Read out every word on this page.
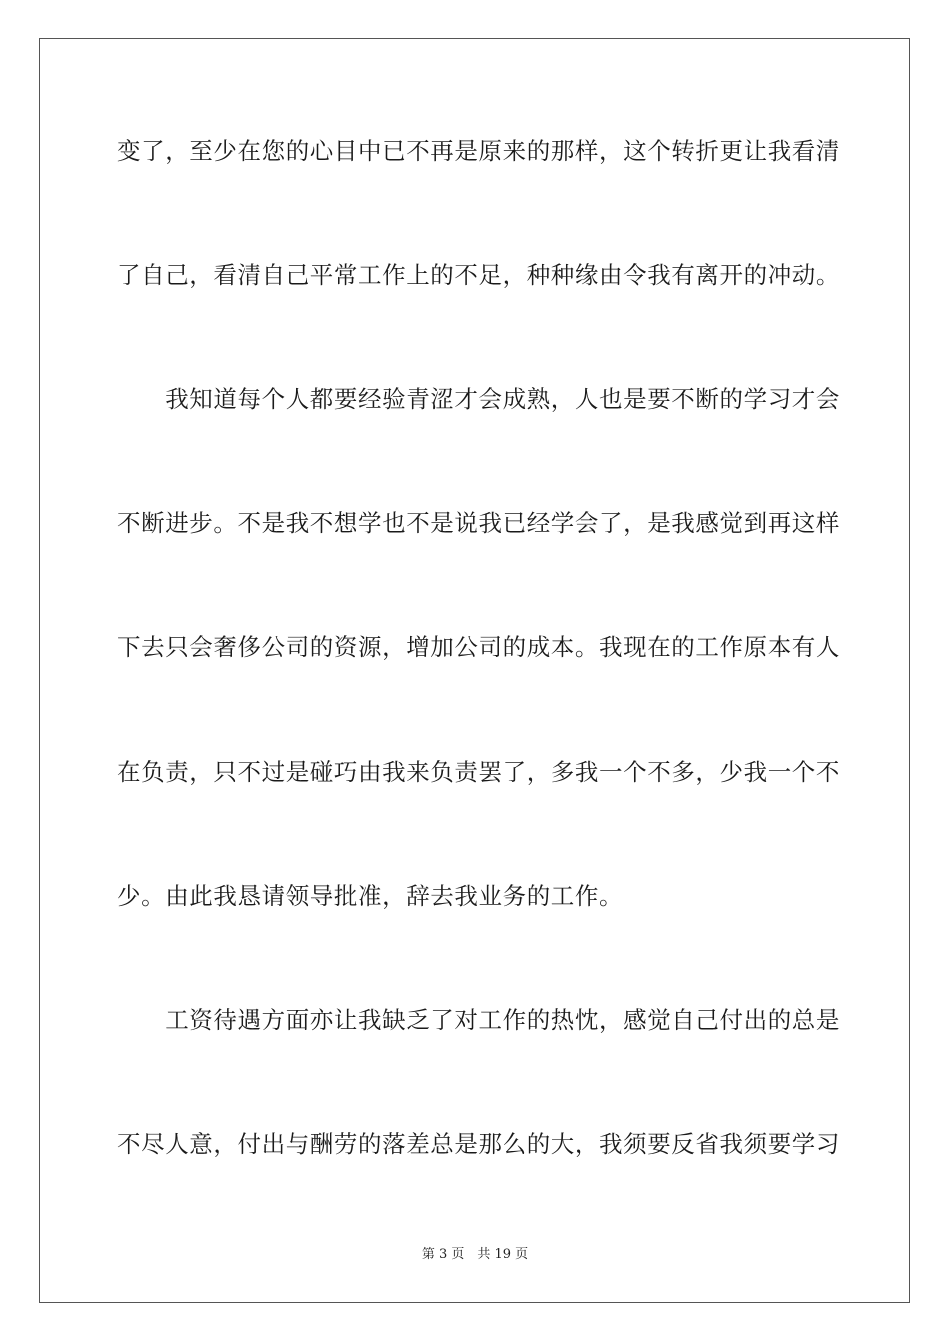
变了，至少在您的心目中已不再是原来的那样，这个转折更让我看清
了自己，看清自己平常工作上的不足，种种缘由令我有离开的冲动。
　　我知道每个人都要经验青涩才会成熟，人也是要不断的学习才会
不断进步。不是我不想学也不是说我已经学会了，是我感觉到再这样
下去只会奢侈公司的资源，增加公司的成本。我现在的工作原本有人
在负责，只不过是碰巧由我来负责罢了，多我一个不多，少我一个不
少。由此我恳请领导批准，辞去我业务的工作。
　　工资待遇方面亦让我缺乏了对工作的热忱，感觉自己付出的总是
不尽人意，付出与酬劳的落差总是那么的大，我须要反省我须要学习
第 3 页　共 19 页
